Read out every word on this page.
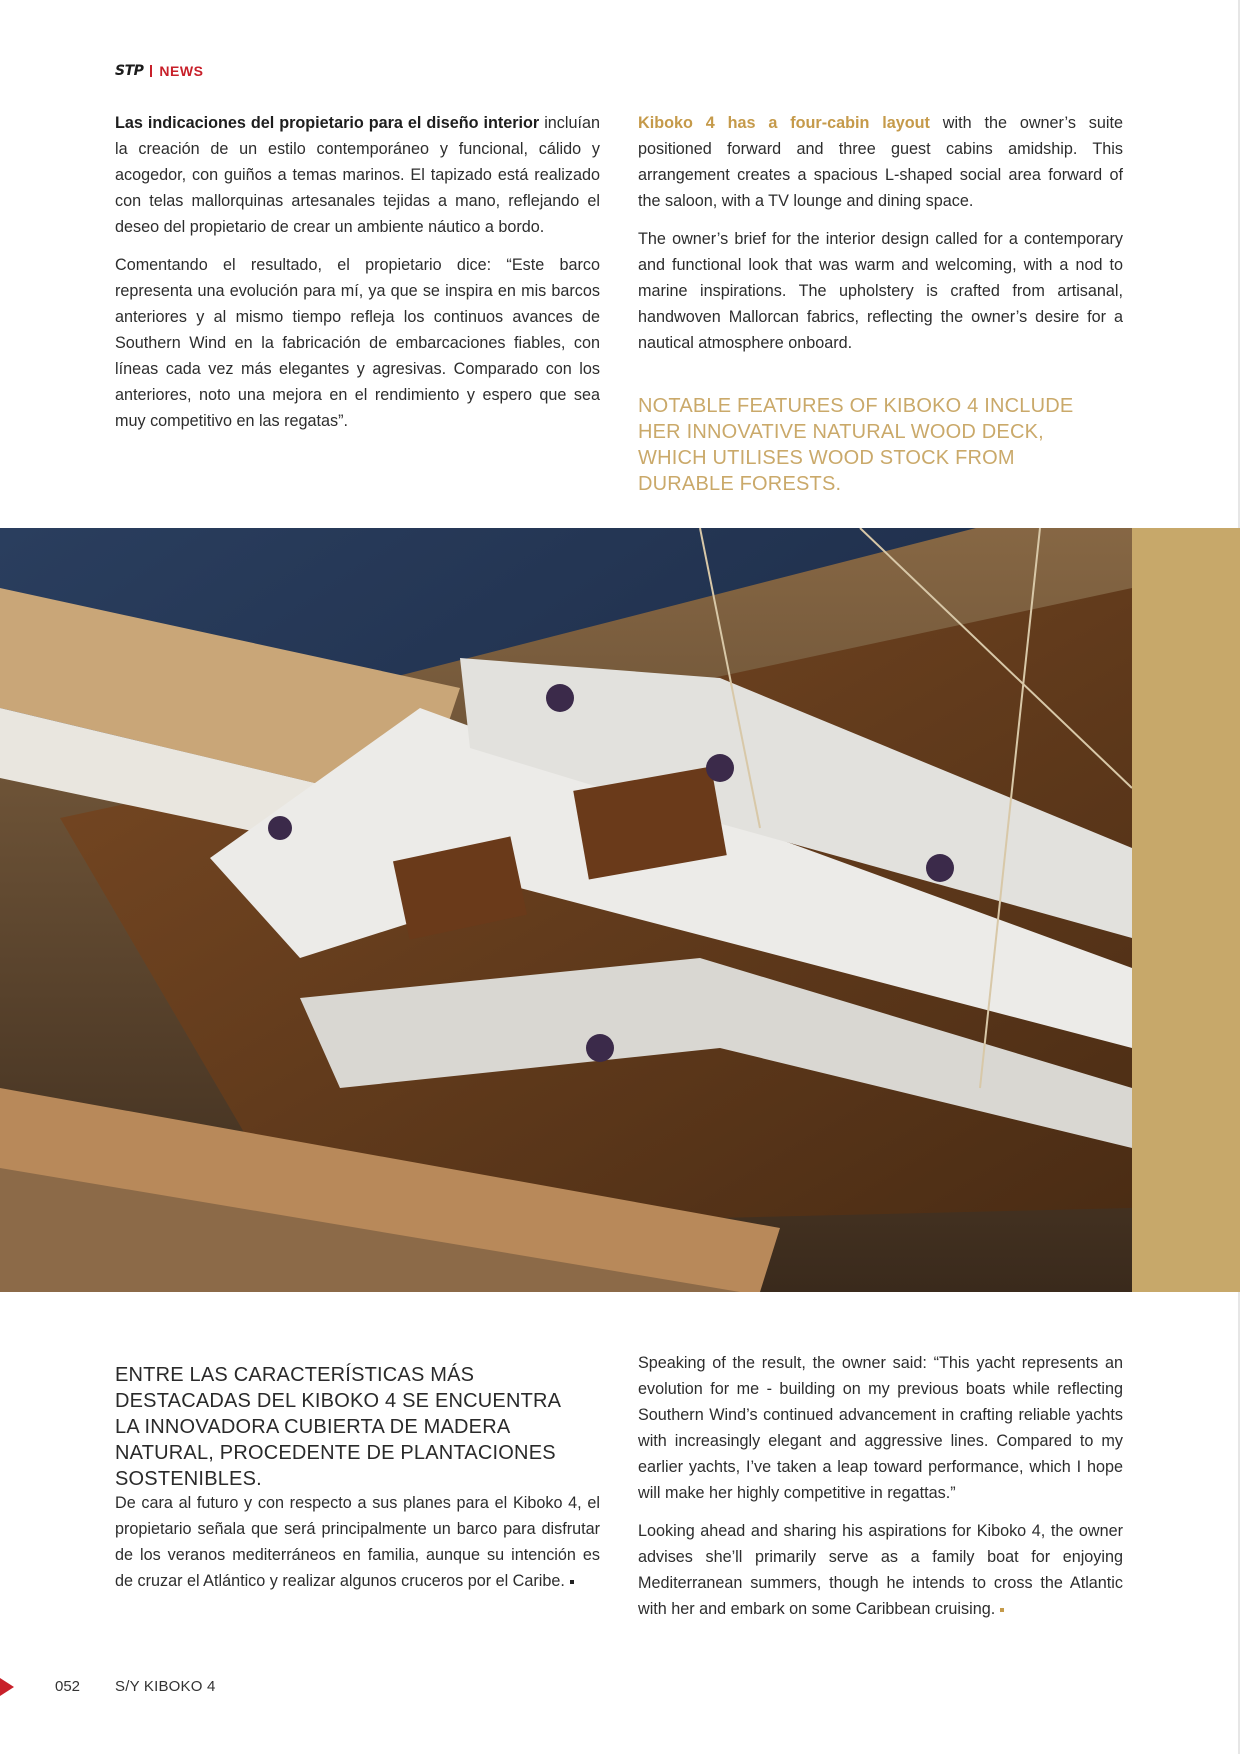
STP NEWS

Las indicaciones del propietario para el diseño interior incluían la creación de un estilo contemporáneo y funcional, cálido y acogedor, con guiños a temas marinos. El tapizado está realizado con telas mallorquinas artesanales tejidas a mano, reflejando el deseo del propietario de crear un ambiente náutico a bordo.

Comentando el resultado, el propietario dice: “Este barco representa una evolución para mí, ya que se inspira en mis barcos anteriores y al mismo tiempo refleja los continuos avances de Southern Wind en la fabricación de embarcaciones fiables, con líneas cada vez más elegantes y agresivas. Comparado con los anteriores, noto una mejora en el rendimiento y espero que sea muy competitivo en las regatas”.

Kiboko 4 has a four-cabin layout with the owner’s suite positioned forward and three guest cabins amidship. This arrangement creates a spacious L-shaped social area forward of the saloon, with a TV lounge and dining space.

The owner’s brief for the interior design called for a contemporary and functional look that was warm and welcoming, with a nod to marine inspirations. The upholstery is crafted from artisanal, handwoven Mallorcan fabrics, reflecting the owner’s desire for a nautical atmosphere onboard.

NOTABLE FEATURES OF KIBOKO 4 INCLUDE HER INNOVATIVE NATURAL WOOD DECK, WHICH UTILISES WOOD STOCK FROM DURABLE FORESTS.
ENTRE LAS CARACTERÍSTICAS MÁS DESTACADAS DEL KIBOKO 4 SE ENCUENTRA LA INNOVADORA CUBIERTA DE MADERA NATURAL, PROCEDENTE DE PLANTACIONES SOSTENIBLES.

De cara al futuro y con respecto a sus planes para el Kiboko 4, el propietario señala que será principalmente un barco para disfrutar de los veranos mediterráneos en familia, aunque su intención es de cruzar el Atlántico y realizar algunos cruceros por el Caribe.

Speaking of the result, the owner said: “This yacht represents an evolution for me - building on my previous boats while reflecting Southern Wind’s continued advancement in crafting reliable yachts with increasingly elegant and aggressive lines. Compared to my earlier yachts, I’ve taken a leap toward performance, which I hope will make her highly competitive in regattas.”

Looking ahead and sharing his aspirations for Kiboko 4, the owner advises she’ll primarily serve as a family boat for enjoying Mediterranean summers, though he intends to cross the Atlantic with her and embark on some Caribbean cruising.

052 S/Y KIBOKO 4
